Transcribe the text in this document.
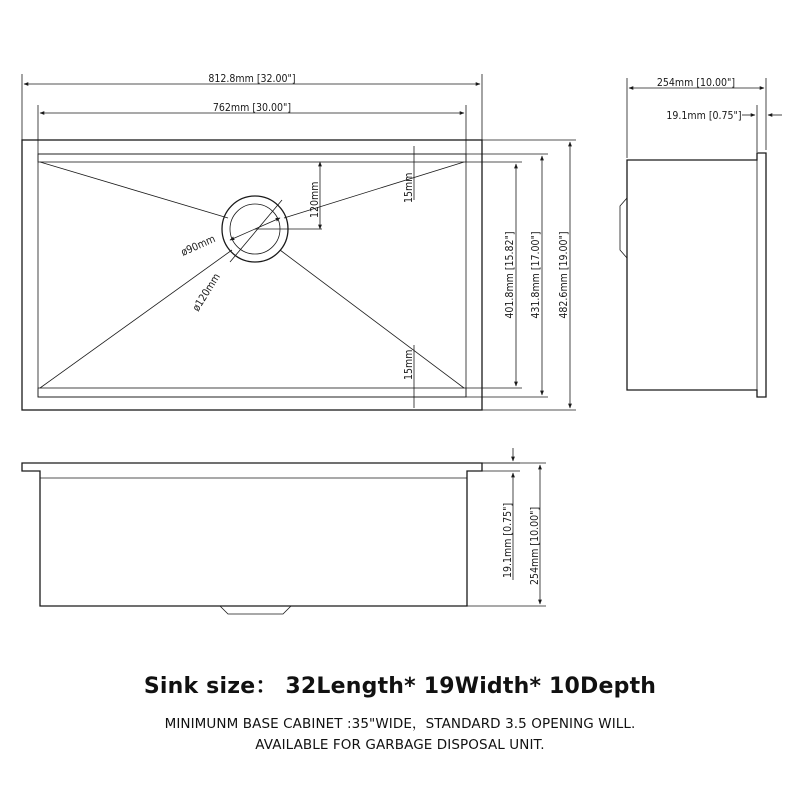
ø90mm
ø120mm
120mm	15mm
15mm
812.8mm [32.00"]
762mm [30.00"]
401.8mm [15.82"] 431.8mm [17.00"] 482.6mm [19.00"]
254mm [10.00"]
19.1mm [0.75"]
19.1mm [0.75"] 254mm [10.00"]
Sink size： 32Length* 19Width* 10Depth
MINIMUNM BASE CABINET :35"WIDE，STANDARD 3.5 OPENING WILL.
AVAILABLE FOR GARBAGE DISPOSAL UNIT.
